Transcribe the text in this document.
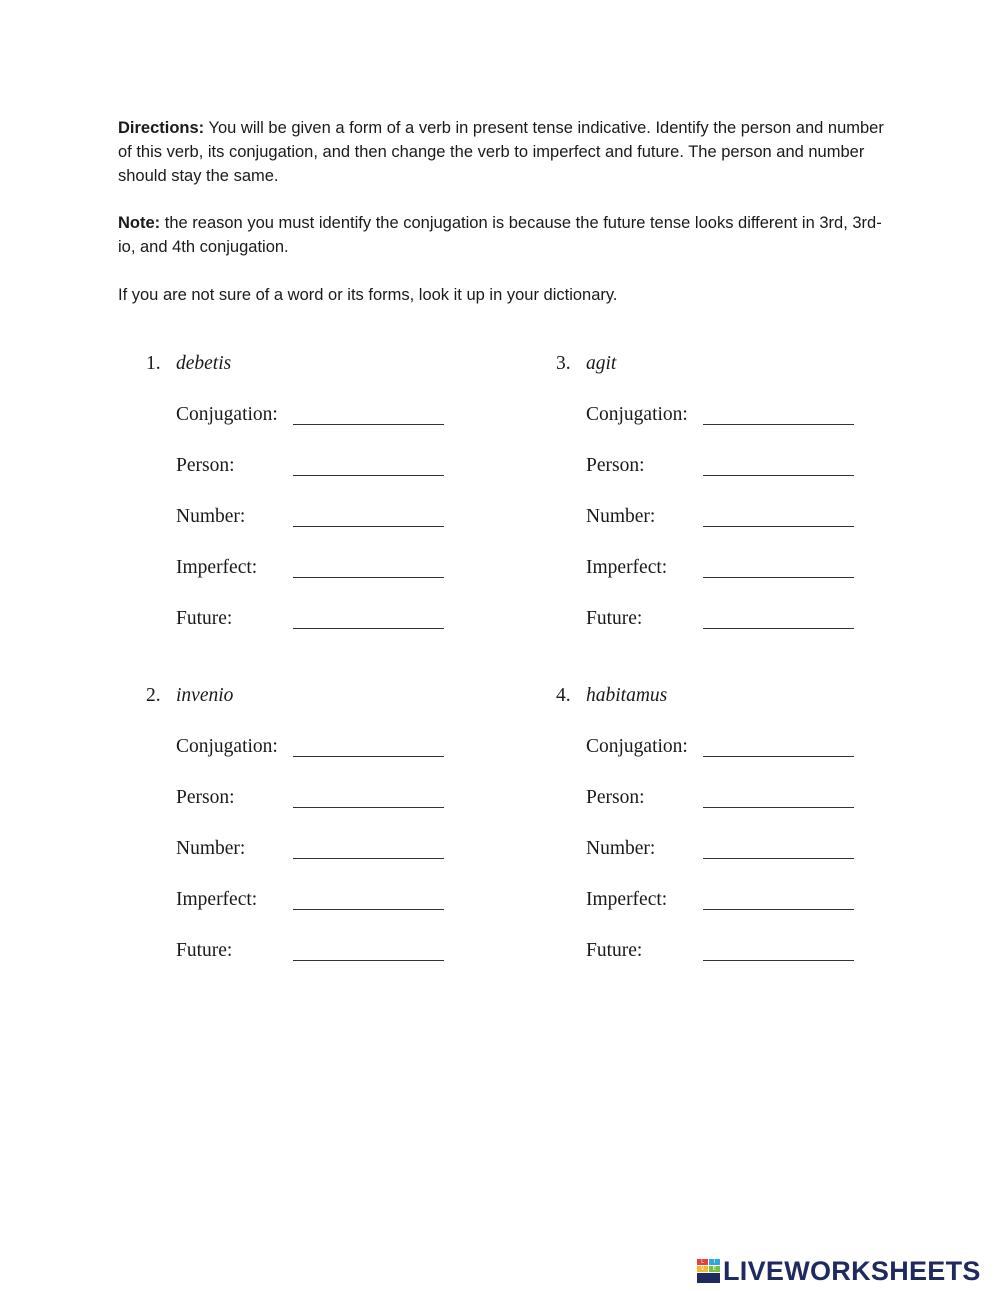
Directions: You will be given a form of a verb in present tense indicative. Identify the person and number of this verb, its conjugation, and then change the verb to imperfect and future. The person and number should stay the same.

Note: the reason you must identify the conjugation is because the future tense looks different in 3rd, 3rd-io, and 4th conjugation.

If you are not sure of a word or its forms, look it up in your dictionary.

1. debetis
Conjugation:
Person:
Number:
Imperfect:
Future:
2. invenio
Conjugation:
Person:
Number:
Imperfect:
Future:
3. agit
Conjugation:
Person:
Number:
Imperfect:
Future:
4. habitamus
Conjugation:
Person:
Number:
Imperfect:
Future:
L	I
V	E LIVEWORKSHEETS
